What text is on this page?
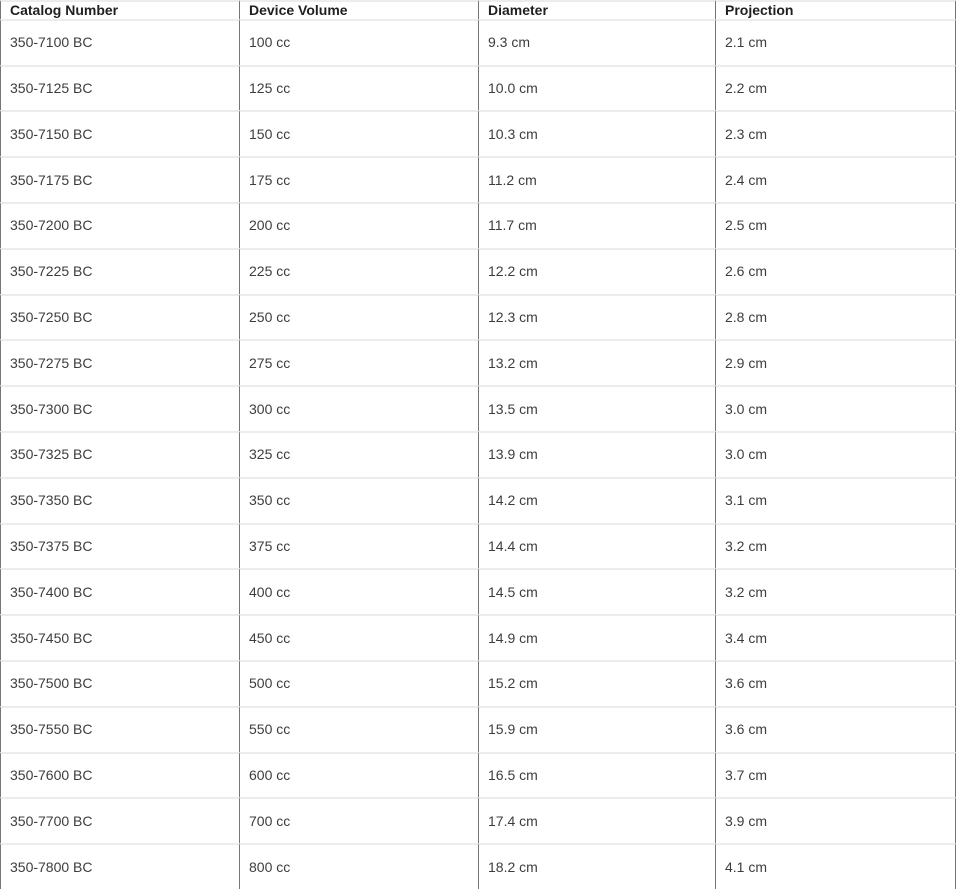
Catalog Number	Device Volume	Diameter	Projection
350-7100 BC	100 cc	9.3 cm	2.1 cm
350-7125 BC	125 cc	10.0 cm	2.2 cm
350-7150 BC	150 cc	10.3 cm	2.3 cm
350-7175 BC	175 cc	11.2 cm	2.4 cm
350-7200 BC	200 cc	11.7 cm	2.5 cm
350-7225 BC	225 cc	12.2 cm	2.6 cm
350-7250 BC	250 cc	12.3 cm	2.8 cm
350-7275 BC	275 cc	13.2 cm	2.9 cm
350-7300 BC	300 cc	13.5 cm	3.0 cm
350-7325 BC	325 cc	13.9 cm	3.0 cm
350-7350 BC	350 cc	14.2 cm	3.1 cm
350-7375 BC	375 cc	14.4 cm	3.2 cm
350-7400 BC	400 cc	14.5 cm	3.2 cm
350-7450 BC	450 cc	14.9 cm	3.4 cm
350-7500 BC	500 cc	15.2 cm	3.6 cm
350-7550 BC	550 cc	15.9 cm	3.6 cm
350-7600 BC	600 cc	16.5 cm	3.7 cm
350-7700 BC	700 cc	17.4 cm	3.9 cm
350-7800 BC	800 cc	18.2 cm	4.1 cm
